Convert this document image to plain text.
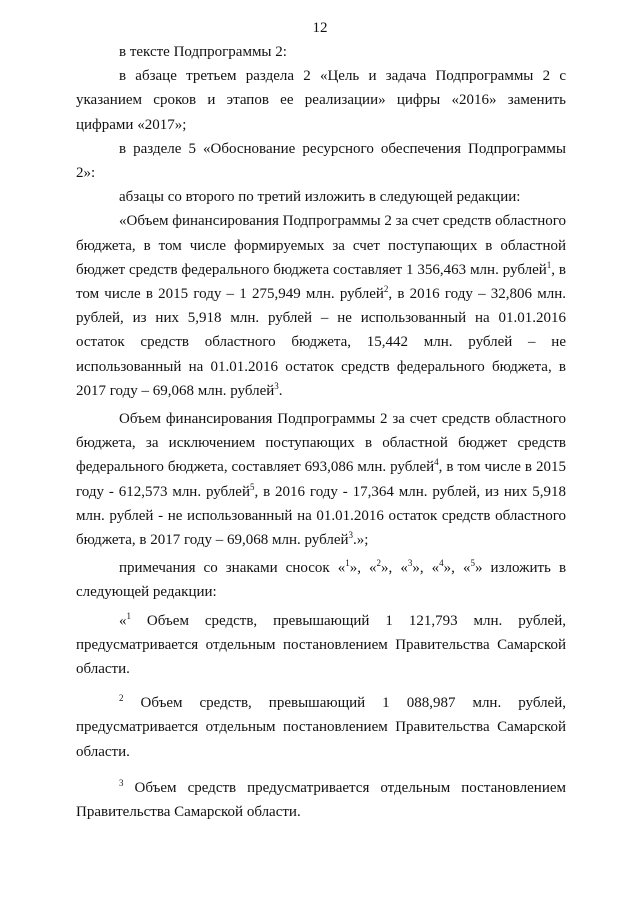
12

в тексте Подпрограммы 2:

в абзаце третьем раздела 2 «Цель и задача Подпрограммы 2 с указанием сроков и этапов ее реализации» цифры «2016» заменить цифрами «2017»;

в разделе 5 «Обоснование ресурсного обеспечения Подпрограммы 2»:

абзацы со второго по третий изложить в следующей редакции:

«Объем финансирования Подпрограммы 2 за счет средств областного бюджета, в том числе формируемых за счет поступающих в областной бюджет средств федерального бюджета составляет 1 356,463 млн. рублей$^1$, в том числе в 2015 году – 1 275,949 млн. рублей$^2$, в 2016 году – 32,806 млн. рублей, из них 5,918 млн. рублей – не использованный на 01.01.2016 остаток средств областного бюджета, 15,442 млн. рублей – не использованный на 01.01.2016 остаток средств федерального бюджета, в 2017 году – 69,068 млн. рублей$^3$.

Объем финансирования Подпрограммы 2 за счет средств областного бюджета, за исключением поступающих в областной бюджет средств федерального бюджета, составляет 693,086 млн. рублей$^4$, в том числе в 2015 году - 612,573 млн. рублей$^5$, в 2016 году - 17,364 млн. рублей, из них 5,918 млн. рублей - не использованный на 01.01.2016 остаток средств областного бюджета, в 2017 году – 69,068 млн. рублей$^3$.»;

примечания со знаками сносок «$^1$», «$^2$», «$^3$», «$^4$», «$^5$» изложить в следующей редакции:

«$^1$ Объем средств, превышающий 1 121,793 млн. рублей, предусматривается отдельным постановлением Правительства Самарской области.

$^2$ Объем средств, превышающий 1 088,987 млн. рублей, предусматривается отдельным постановлением Правительства Самарской области.

$^3$ Объем средств предусматривается отдельным постановлением Правительства Самарской области.
